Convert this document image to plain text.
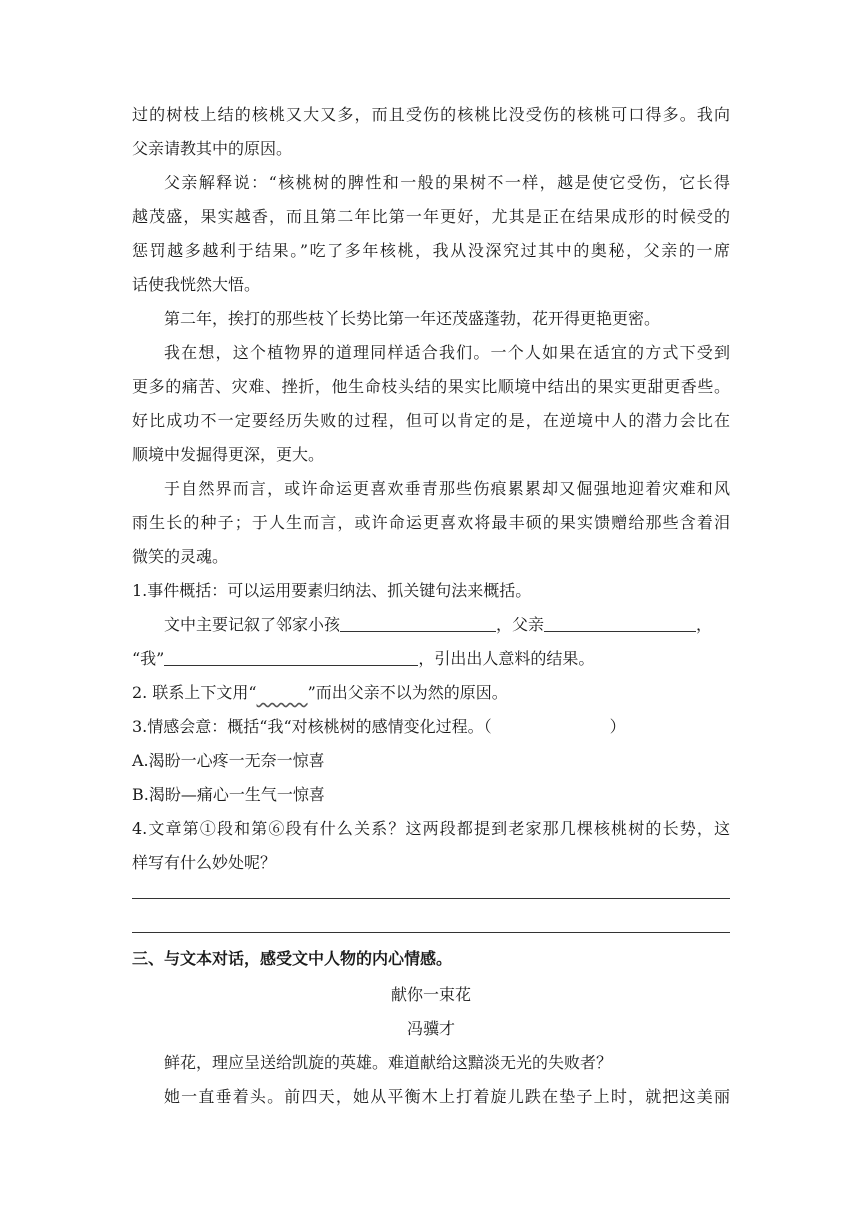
过的树枝上结的核桃又大又多，而且受伤的核桃比没受伤的核桃可口得多。我向
父亲请教其中的原因。
父亲解释说：“核桃树的脾性和一般的果树不一样，越是使它受伤，它长得
越茂盛，果实越香，而且第二年比第一年更好，尤其是正在结果成形的时候受的
惩罚越多越利于结果。”吃了多年核桃，我从没深究过其中的奥秘，父亲的一席
话使我恍然大悟。
第二年，挨打的那些枝丫长势比第一年还茂盛蓬勃，花开得更艳更密。
我在想，这个植物界的道理同样适合我们。一个人如果在适宜的方式下受到
更多的痛苦、灾难、挫折，他生命枝头结的果实比顺境中结出的果实更甜更香些。
好比成功不一定要经历失败的过程，但可以肯定的是，在逆境中人的潜力会比在
顺境中发掘得更深，更大。
于自然界而言，或许命运更喜欢垂青那些伤痕累累却又倔强地迎着灾难和风
雨生长的种子；于人生而言，或许命运更喜欢将最丰硕的果实馈赠给那些含着泪
微笑的灵魂。
1.事件概括：可以运用要素归纳法、抓关键句法来概括。
文中主要记叙了邻家小孩	，父亲	，
“我”	，引出出人意料的结果。
2. 联系上下文用“　　　	”而出父亲不以为然的原因。
3.情感会意：概括“我“对核桃树的感情变化过程。（	）
A.渴盼一心疼一无奈一惊喜
B.渴盼—痛心一生气一惊喜
4.文章第①段和第⑥段有什么关系？这两段都提到老家那几棵核桃树的长势，这
样写有什么妙处呢？
三、与文本对话，感受文中人物的内心情感。
献你一束花
冯骥才
鲜花，理应呈送给凯旋的英雄。难道献给这黯淡无光的失败者？
她一直垂着头。前四天，她从平衡木上打着旋儿跌在垫子上时，就把这美丽
